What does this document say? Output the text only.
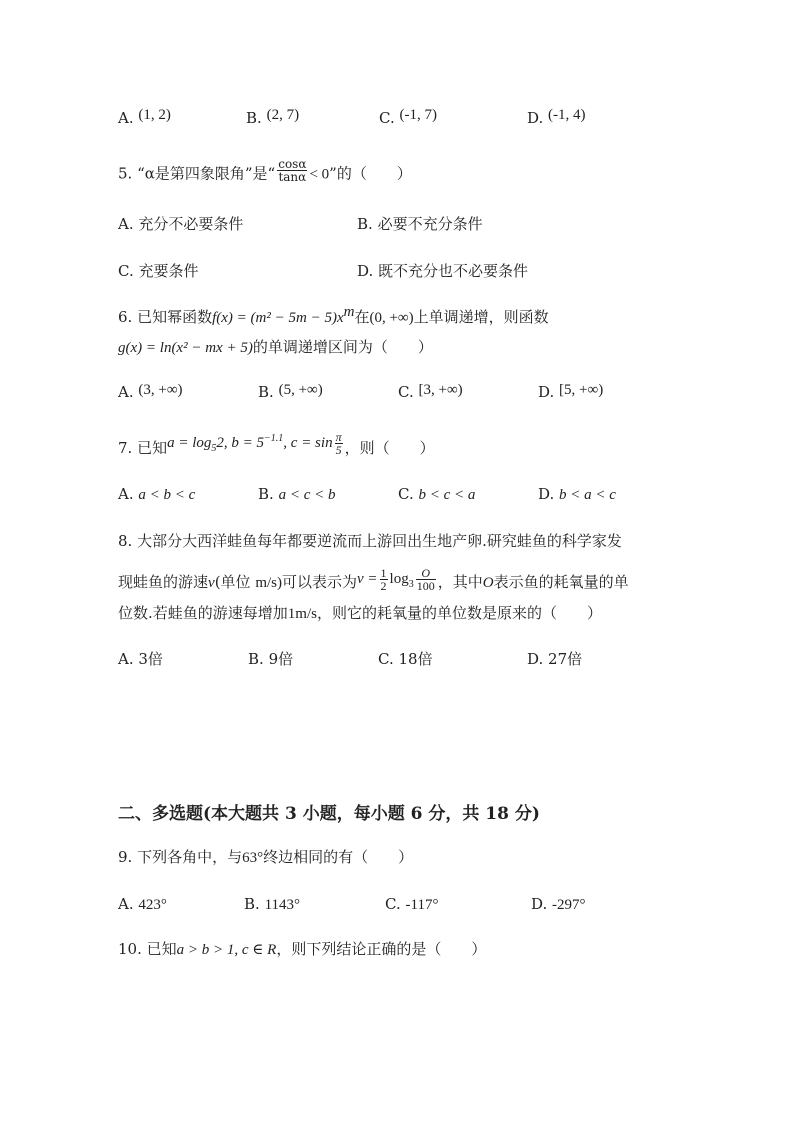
A. (1, 2)	B. (2, 7)	C. (-1, 7)	D. (-1, 4)
5. “α是第四象限角”是“ $\frac{\cos\alpha}{\tan\alpha} < 0$”的（　　）
A. 充分不必要条件	B. 必要不充分条件
C. 充要条件	D. 既不充分也不必要条件
6. 已知幂函数$f(x) = (m^2 - 5m - 5)x^m$在(0, +∞)上单调递增，则函数
g(x) = ln(x² − mx + 5)的单调递增区间为（　　）
A. (3, +∞)	B. (5, +∞)	C. [3, +∞)	D. [5, +∞)
7. 已知$a = \log_52$, $b = 5^{-1.1}$, $c = \sin \frac{\pi}{5}$ ，则（　　）
A. a < b < c	B. a < c < b	C. b < c < a	D. b < a < c
8. 大部分大西洋蛙鱼每年都要逆流而上游回出生地产卵.研究蛙鱼的科学家发
现蛙鱼的游速v(单位 m/s)可以表示为$v = \frac{1}{2} \log_3 \frac{O}{100}$ ，其中O表示鱼的耗氧量的单
位数.若蛙鱼的游速每增加1m/s，则它的耗氧量的单位数是原来的（　　）
A. 3倍	B. 9倍	C. 18倍	D. 27倍
二、多选题(本大题共 3 小题，每小题 6 分，共 18 分)
9. 下列各角中，与63°终边相同的有（　　）
A. 423°	B. 1143°	C. -117°	D. -297°
10. 已知a > b > 1, c ∈ R，则下列结论正确的是（　　）
